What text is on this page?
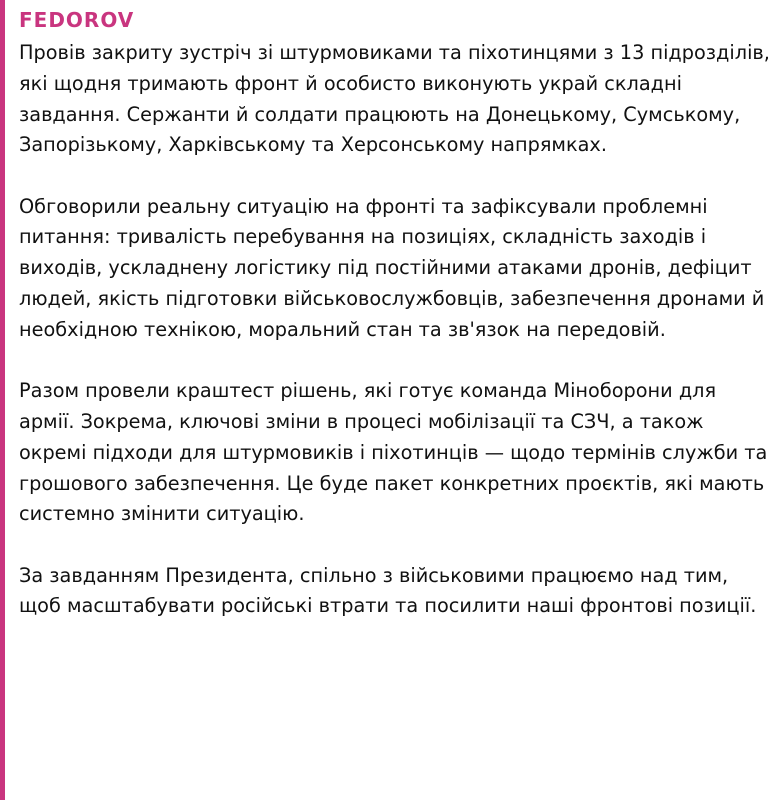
FEDOROV
Провів закриту зустріч зі штурмовиками та піхотинцями з 13 підрозділів, які щодня тримають фронт й особисто виконують украй складні завдання. Сержанти й солдати працюють на Донецькому, Сумському, Запорізькому, Харківському та Херсонському напрямках.
Обговорили реальну ситуацію на фронті та зафіксували проблемні питання: тривалість перебування на позиціях, складність заходів і виходів, ускладнену логістику під постійними атаками дронів, дефіцит людей, якість підготовки військовослужбовців, забезпечення дронами й необхідною технікою, моральний стан та зв'язок на передовій.
Разом провели краштест рішень, які готує команда Міноборони для армії. Зокрема, ключові зміни в процесі мобілізації та СЗЧ, а також окремі підходи для штурмовиків і піхотинців — щодо термінів служби та грошового забезпечення. Це буде пакет конкретних проєктів, які мають системно змінити ситуацію.
За завданням Президента, спільно з військовими працюємо над тим, щоб масштабувати російські втрати та посилити наші фронтові позиції.
